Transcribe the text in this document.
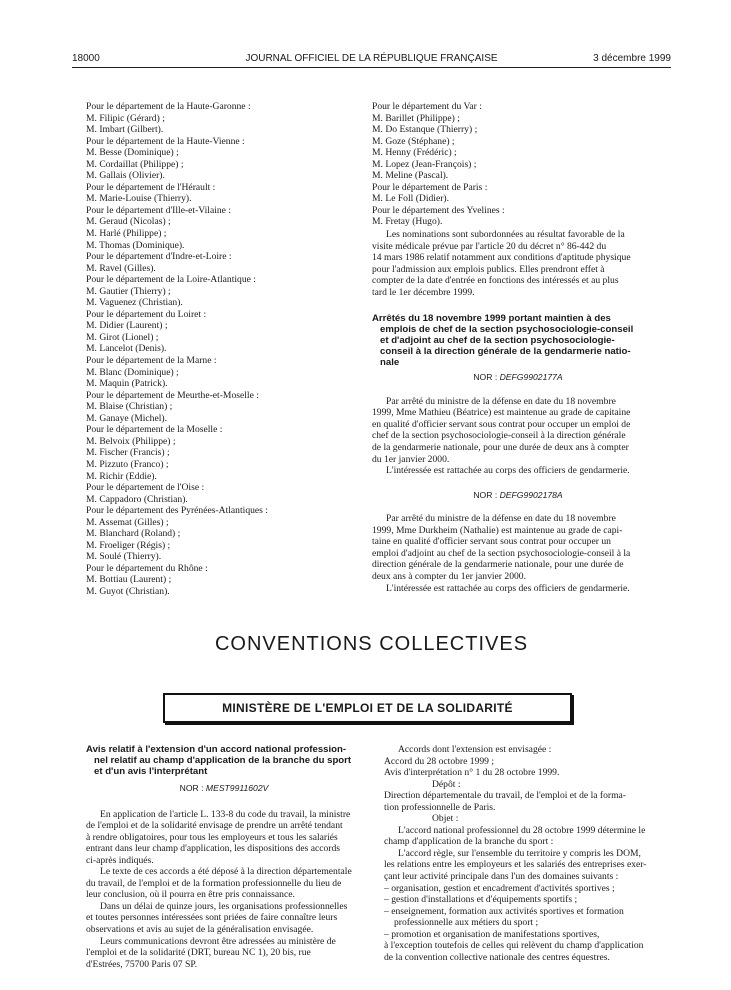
18000	JOURNAL OFFICIEL DE LA RÉPUBLIQUE FRANÇAISE	3 décembre 1999
Pour le département de la Haute-Garonne :
M. Filipic (Gérard) ;
M. Imbart (Gilbert).
Pour le département de la Haute-Vienne :
M. Besse (Dominique) ;
M. Cordaillat (Philippe) ;
M. Gallais (Olivier).
Pour le département de l'Hérault :
M. Marie-Louise (Thierry).
Pour le département d'Ille-et-Vilaine :
M. Geraud (Nicolas) ;
M. Harlé (Philippe) ;
M. Thomas (Dominique).
Pour le département d'Indre-et-Loire :
M. Ravel (Gilles).
Pour le département de la Loire-Atlantique :
M. Gautier (Thierry) ;
M. Vaguenez (Christian).
Pour le département du Loiret :
M. Didier (Laurent) ;
M. Girot (Lionel) ;
M. Lancelot (Denis).
Pour le département de la Marne :
M. Blanc (Dominique) ;
M. Maquin (Patrick).
Pour le département de Meurthe-et-Moselle :
M. Blaise (Christian) ;
M. Ganaye (Michel).
Pour le département de la Moselle :
M. Belvoix (Philippe) ;
M. Fischer (Francis) ;
M. Pizzuto (Franco) ;
M. Richir (Eddie).
Pour le département de l'Oise :
M. Cappadoro (Christian).
Pour le département des Pyrénées-Atlantiques :
M. Assemat (Gilles) ;
M. Blanchard (Roland) ;
M. Froeliger (Régis) ;
M. Soulé (Thierry).
Pour le département du Rhône :
M. Bottiau (Laurent) ;
M. Guyot (Christian).
Pour le département du Var :
M. Barillet (Philippe) ;
M. Do Estanque (Thierry) ;
M. Goze (Stéphane) ;
M. Henny (Frédéric) ;
M. Lopez (Jean-François) ;
M. Meline (Pascal).
Pour le département de Paris :
M. Le Foll (Didier).
Pour le département des Yvelines :
M. Fretay (Hugo).
Les nominations sont subordonnées au résultat favorable de la
visite médicale prévue par l'article 20 du décret n° 86-442 du
14 mars 1986 relatif notamment aux conditions d'aptitude physique
pour l'admission aux emplois publics. Elles prendront effet à
compter de la date d'entrée en fonctions des intéressés et au plus
tard le 1er décembre 1999.
Arrêtés du 18 novembre 1999 portant maintien à des
emplois de chef de la section psychosociologie-conseil
et d'adjoint au chef de la section psychosociologie-
conseil à la direction générale de la gendarmerie natio-
nale

NOR : DEFG9902177A

Par arrêté du ministre de la défense en date du 18 novembre
1999, Mme Mathieu (Béatrice) est maintenue au grade de capitaine
en qualité d'officier servant sous contrat pour occuper un emploi de
chef de la section psychosociologie-conseil à la direction générale
de la gendarmerie nationale, pour une durée de deux ans à compter
du 1er janvier 2000.
L'intéressée est rattachée au corps des officiers de gendarmerie.

NOR : DEFG9902178A

Par arrêté du ministre de la défense en date du 18 novembre
1999, Mme Durkheim (Nathalie) est maintenue au grade de capi-
taine en qualité d'officier servant sous contrat pour occuper un
emploi d'adjoint au chef de la section psychosociologie-conseil à la
direction générale de la gendarmerie nationale, pour une durée de
deux ans à compter du 1er janvier 2000.
L'intéressée est rattachée au corps des officiers de gendarmerie.
CONVENTIONS COLLECTIVES
MINISTÈRE DE L'EMPLOI ET DE LA SOLIDARITÉ
Avis relatif à l'extension d'un accord national profession-
nel relatif au champ d'application de la branche du sport
et d'un avis l'interprétant

NOR : MEST9911602V

En application de l'article L. 133-8 du code du travail, la ministre
de l'emploi et de la solidarité envisage de prendre un arrêté tendant
à rendre obligatoires, pour tous les employeurs et tous les salariés
entrant dans leur champ d'application, les dispositions des accords
ci-après indiqués.
Le texte de ces accords a été déposé à la direction départementale
du travail, de l'emploi et de la formation professionnelle du lieu de
leur conclusion, où il pourra en être pris connaissance.
Dans un délai de quinze jours, les organisations professionnelles
et toutes personnes intéressées sont priées de faire connaître leurs
observations et avis au sujet de la généralisation envisagée.
Leurs communications devront être adressées au ministère de
l'emploi et de la solidarité (DRT, bureau NC 1), 20 bis, rue
d'Estrées, 75700 Paris 07 SP.
Accords dont l'extension est envisagée :
Accord du 28 octobre 1999 ;
Avis d'interprétation n° 1 du 28 octobre 1999.
Dépôt :
Direction départementale du travail, de l'emploi et de la forma-
tion professionnelle de Paris.
Objet :
L'accord national professionnel du 28 octobre 1999 détermine le
champ d'application de la branche du sport :
L'accord règle, sur l'ensemble du territoire y compris les DOM,
les relations entre les employeurs et les salariés des entreprises exer-
çant leur activité principale dans l'un des domaines suivants :
– organisation, gestion et encadrement d'activités sportives ;
– gestion d'installations et d'équipements sportifs ;
– enseignement, formation aux activités sportives et formation
professionnelle aux métiers du sport ;
– promotion et organisation de manifestations sportives,
à l'exception toutefois de celles qui relèvent du champ d'application
de la convention collective nationale des centres équestres.
